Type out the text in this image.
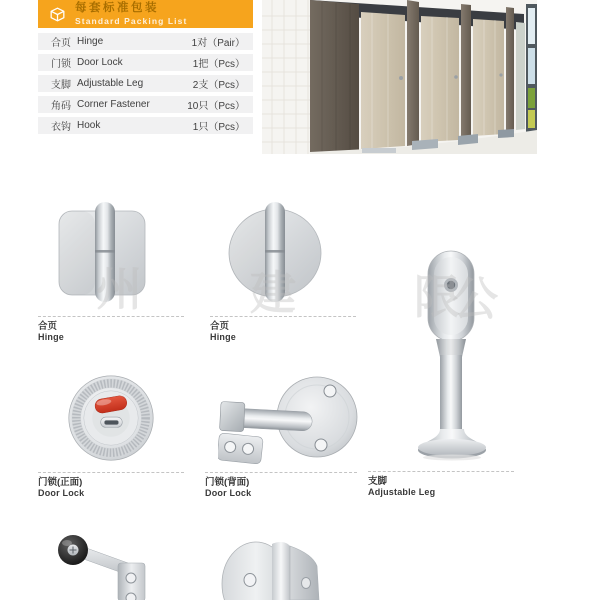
每套标准包装
Standard Packing List
合页 Hinge	1对（Pair）
门锁 Door Lock	1把（Pcs）
支脚 Adjustable Leg	2支（Pcs）
角码 Corner Fastener	10只（Pcs）
衣钩 Hook	1只（Pcs）
合页
Hinge
合页
Hinge
支脚
Adjustable Leg
门锁(正面)
Door Lock
门锁(背面)
Door Lock
州 建	限
公
